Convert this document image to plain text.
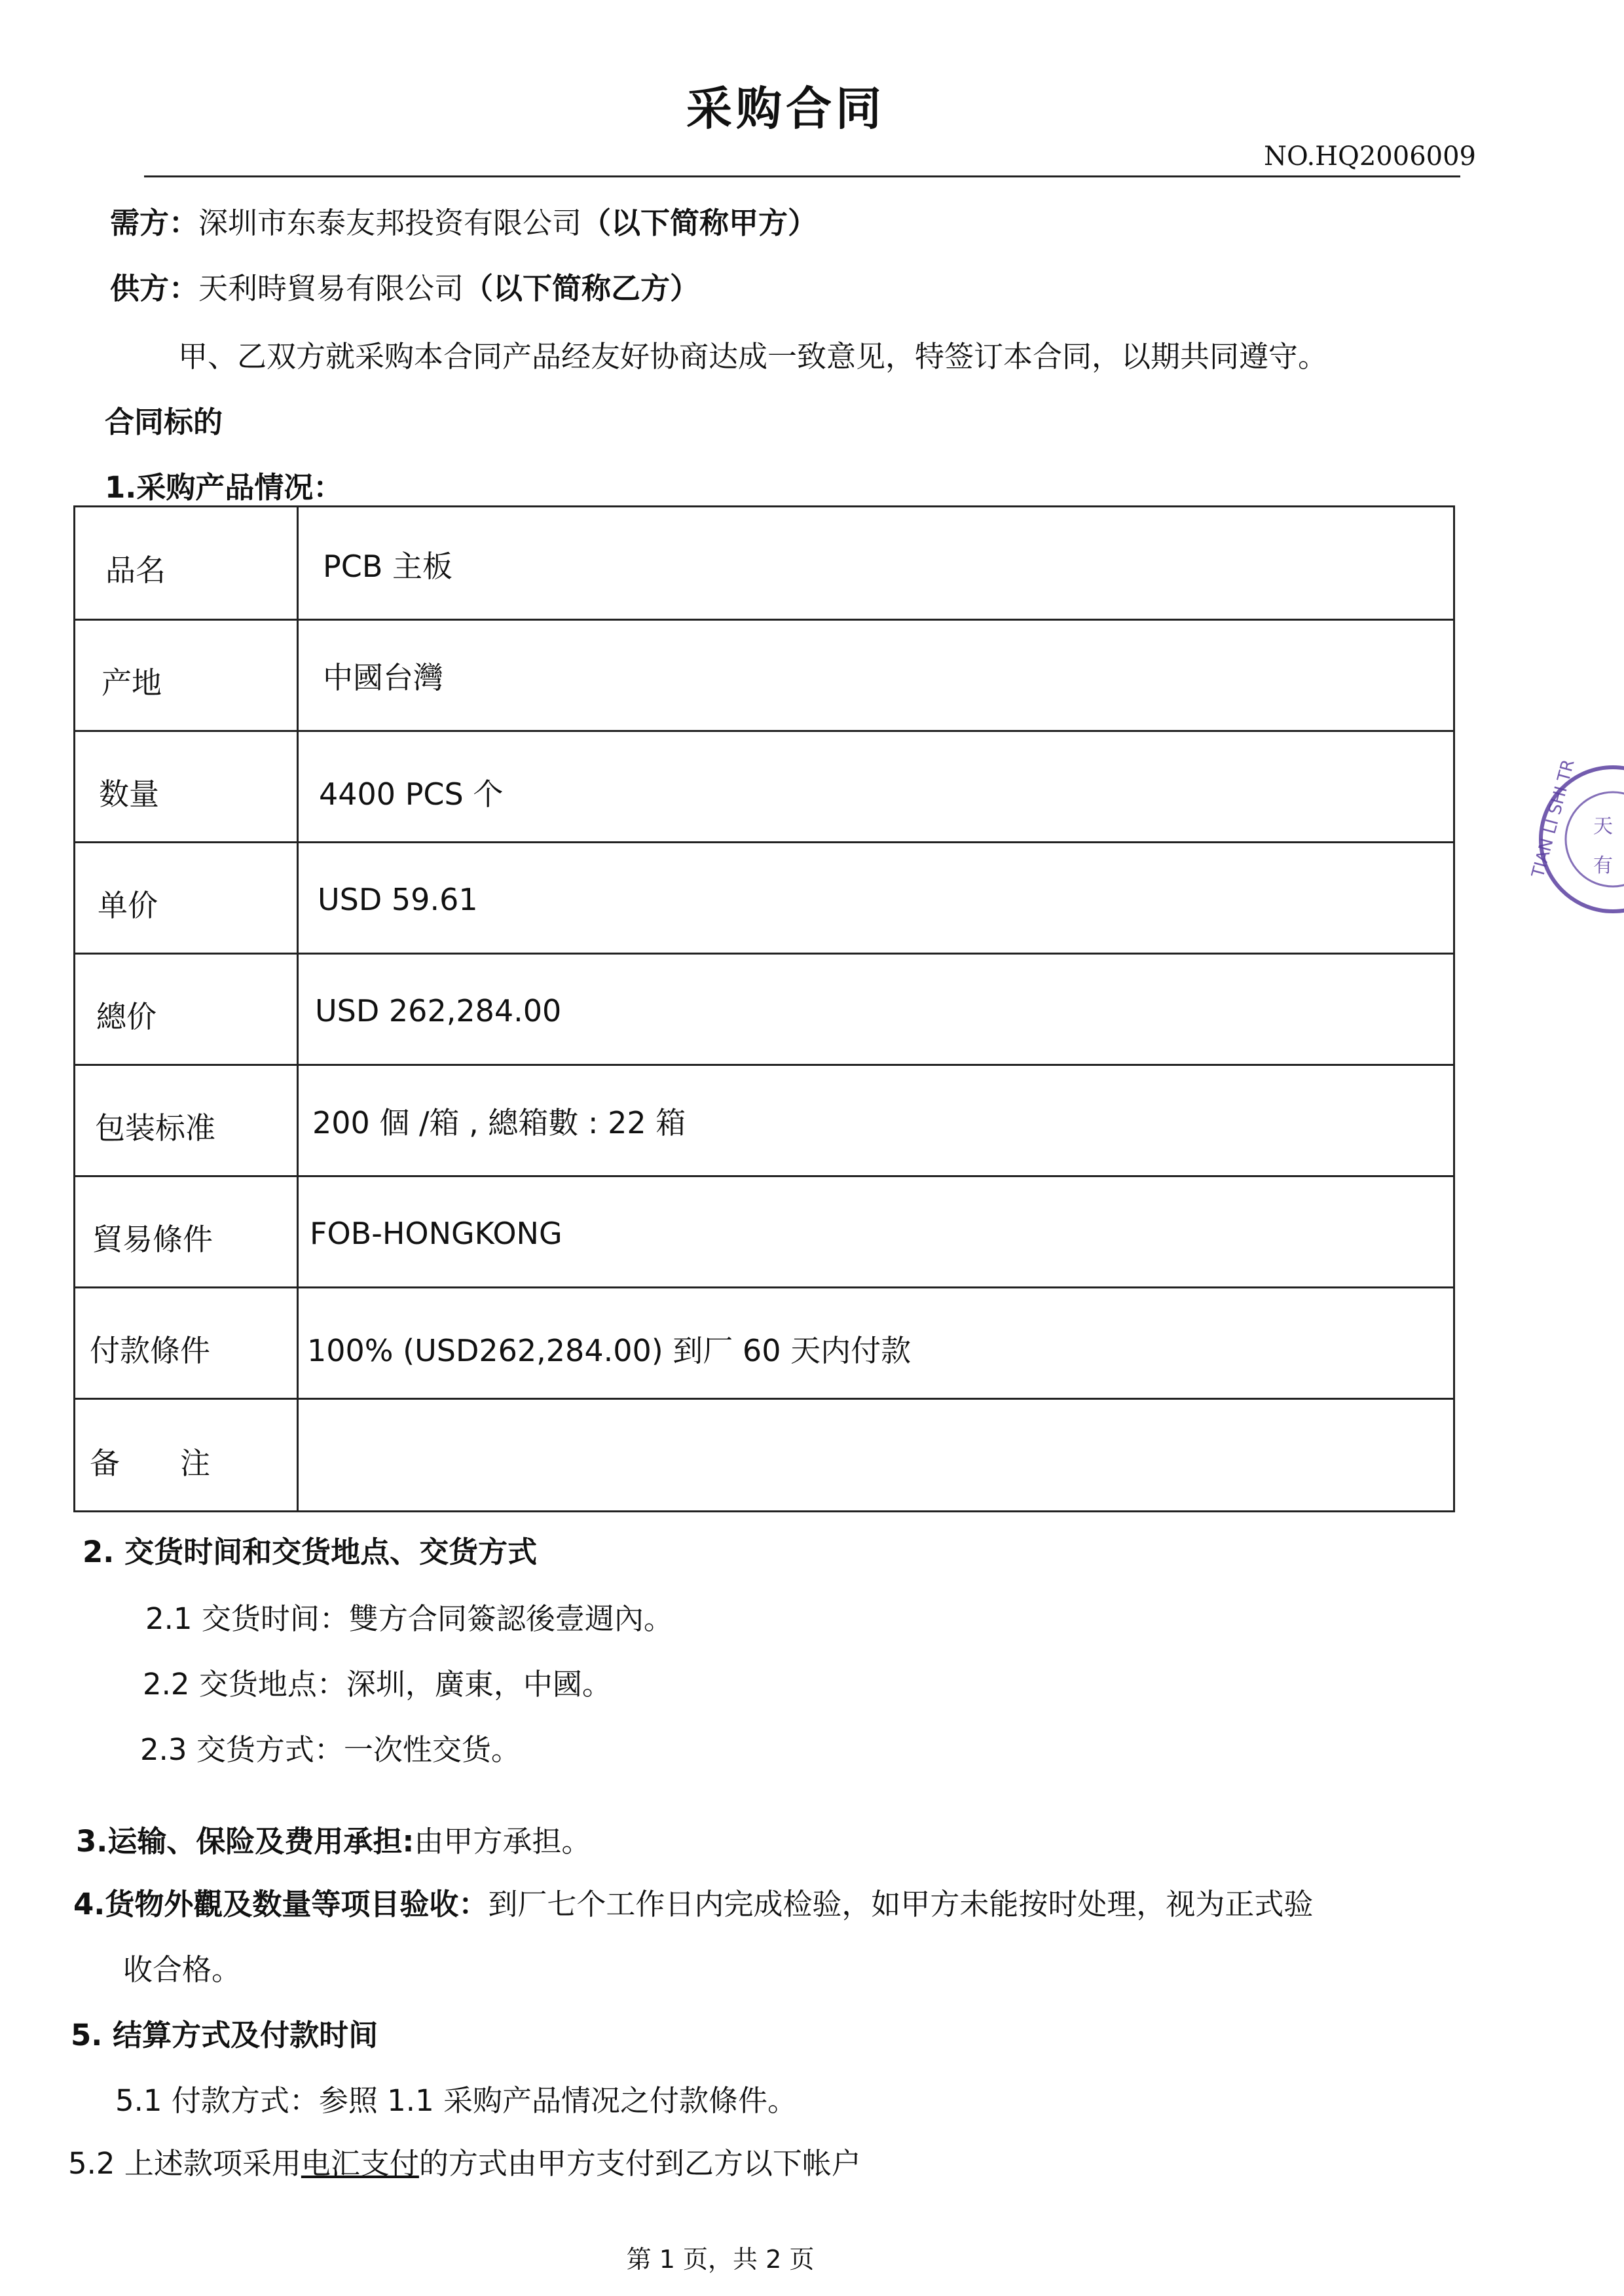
采购合同
NO.HQ2006009
需方：深圳市东泰友邦投资有限公司（以下简称甲方）
供方：天利時貿易有限公司（以下简称乙方）
甲、乙双方就采购本合同产品经友好协商达成一致意见，特签订本合同，以期共同遵守。
合同标的
1.采购产品情况：
品名	PCB 主板
产地	中國台灣
数量	4400 PCS 个
单价	USD 59.61
總价	USD 262,284.00
包装标准	200 個 /箱 , 總箱數 : 22 箱
貿易條件	FOB-HONGKONG
付款條件	100% (USD262,284.00) 到厂 60 天内付款
备　　注
2. 交货时间和交货地点、交货方式
2.1 交货时间：雙方合同簽認後壹週內。
2.2 交货地点：深圳，廣東，中國。
2.3 交货方式：一次性交货。
3.运输、保险及费用承担:由甲方承担。
4.货物外觀及数量等项目验收：到厂七个工作日内完成检验，如甲方未能按时处理，视为正式验
收合格。
5. 结算方式及付款时间
5.1 付款方式：参照 1.1 采购产品情况之付款條件。
5.2 上述款项采用电汇支付的方式由甲方支付到乙方以下帐户
TIAN LI SHI TR 天
有
第 1 页，共 2 页
